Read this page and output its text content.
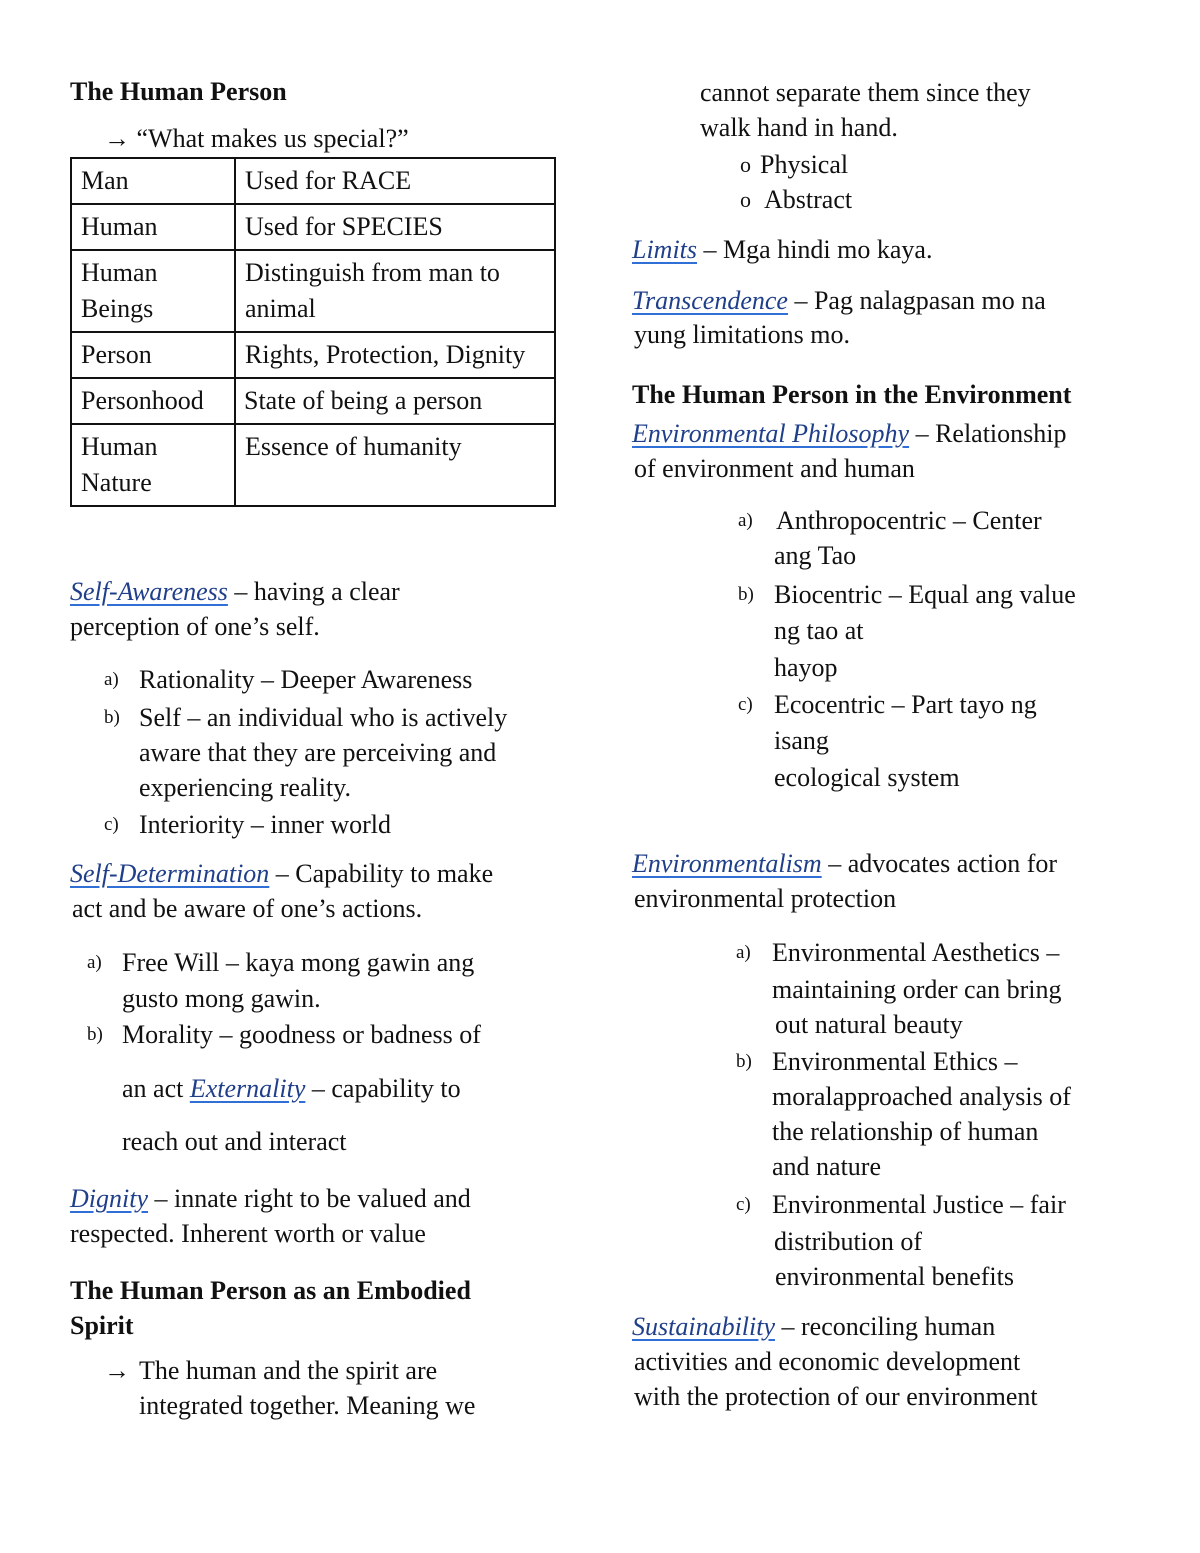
The Human Person

→ “What makes us special?”

Man	Used for RACE
Human	Used for SPECIES
Human Beings	Distinguish from man to animal
Person	Rights, Protection, Dignity
Personhood	State of being a person
Human Nature	Essence of humanity

Self-Awareness – having a clear

perception of one’s self.

a) Rationality – Deeper Awareness

b) Self – an individual who is actively

aware that they are perceiving and

experiencing reality.

c) Interiority – inner world

Self-Determination – Capability to make

act and be aware of one’s actions.

a) Free Will – kaya mong gawin ang

gusto mong gawin.

b) Morality – goodness or badness of

an act Externality – capability to

reach out and interact

Dignity – innate right to be valued and

respected. Inherent worth or value

The Human Person as an Embodied

Spirit

→ The human and the spirit are

integrated together. Meaning we

cannot separate them since they

walk hand in hand.

o Physical

o Abstract

Limits – Mga hindi mo kaya.

Transcendence – Pag nalagpasan mo na

yung limitations mo.

The Human Person in the Environment

Environmental Philosophy – Relationship

of environment and human

a) Anthropocentric – Center

ang Tao

b) Biocentric – Equal ang value

ng tao at

hayop

c) Ecocentric – Part tayo ng

isang

ecological system

Environmentalism – advocates action for

environmental protection

a) Environmental Aesthetics –

maintaining order can bring

out natural beauty

b) Environmental Ethics –

moralapproached analysis of

the relationship of human

and nature

c) Environmental Justice – fair

distribution of

environmental benefits

Sustainability – reconciling human

activities and economic development

with the protection of our environment
